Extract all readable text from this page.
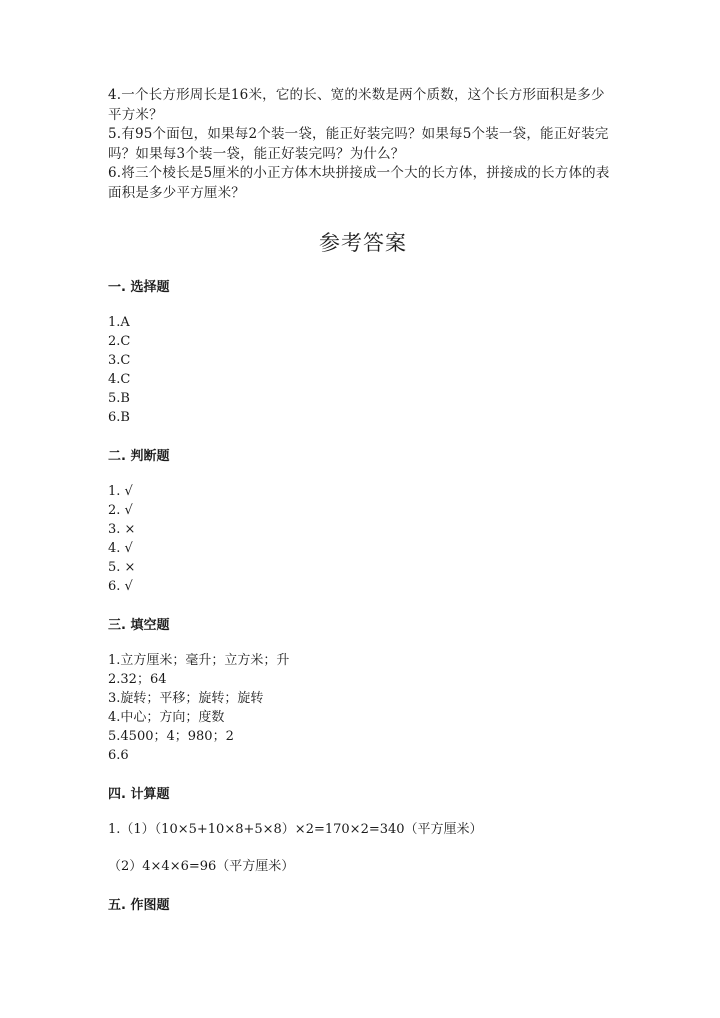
4.一个长方形周长是16米，它的长、宽的米数是两个质数，这个长方形面积是多少平方米？

5.有95个面包，如果每2个装一袋，能正好装完吗？如果每5个装一袋，能正好装完吗？如果每3个装一袋，能正好装完吗？为什么？

6.将三个棱长是5厘米的小正方体木块拼接成一个大的长方体，拼接成的长方体的表面积是多少平方厘米？

参考答案
一. 选择题
1.A
2.C
3.C
4.C
5.B
6.B
二. 判断题
1. √
2. √
3. ×
4. √
5. ×
6. √
三. 填空题
1.立方厘米；毫升；立方米；升
2.32；64
3.旋转；平移；旋转；旋转
4.中心；方向；度数
5.4500；4；980；2
6.6
四. 计算题

1.（1）（10×5+10×8+5×8）×2=170×2=340（平方厘米）

（2）4×4×6=96（平方厘米）

五. 作图题
